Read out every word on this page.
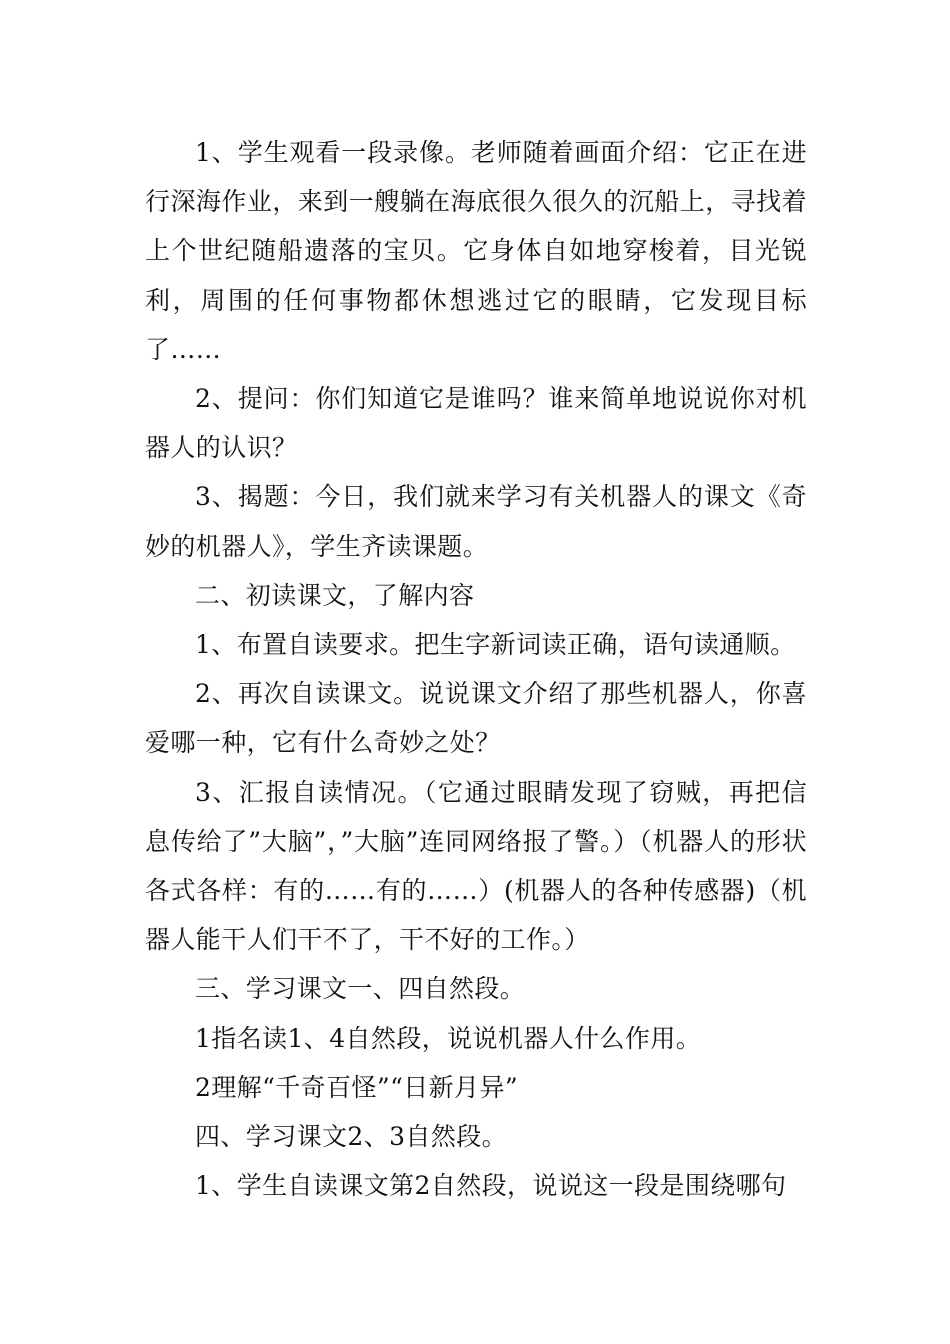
1、学生观看一段录像。老师随着画面介绍：它正在进行深海作业，来到一艘躺在海底很久很久的沉船上，寻找着上个世纪随船遗落的宝贝。它身体自如地穿梭着，目光锐利，周围的任何事物都休想逃过它的眼睛，它发现目标了……

2、提问：你们知道它是谁吗？谁来简单地说说你对机器人的认识？

3、揭题：今日，我们就来学习有关机器人的课文《奇妙的机器人》，学生齐读课题。

二、初读课文，了解内容

1、布置自读要求。把生字新词读正确，语句读通顺。

2、再次自读课文。说说课文介绍了那些机器人，你喜爱哪一种，它有什么奇妙之处？

3、汇报自读情况。（它通过眼睛发现了窃贼，再把信息传给了”大脑”，”大脑”连同网络报了警。）（机器人的形状各式各样：有的……有的……）(机器人的各种传感器)（机器人能干人们干不了，干不好的工作。）

三、学习课文一、四自然段。

1指名读1、4自然段，说说机器人什么作用。

2理解“千奇百怪”“日新月异”

四、学习课文2、3自然段。

1、学生自读课文第2自然段，说说这一段是围绕哪句
